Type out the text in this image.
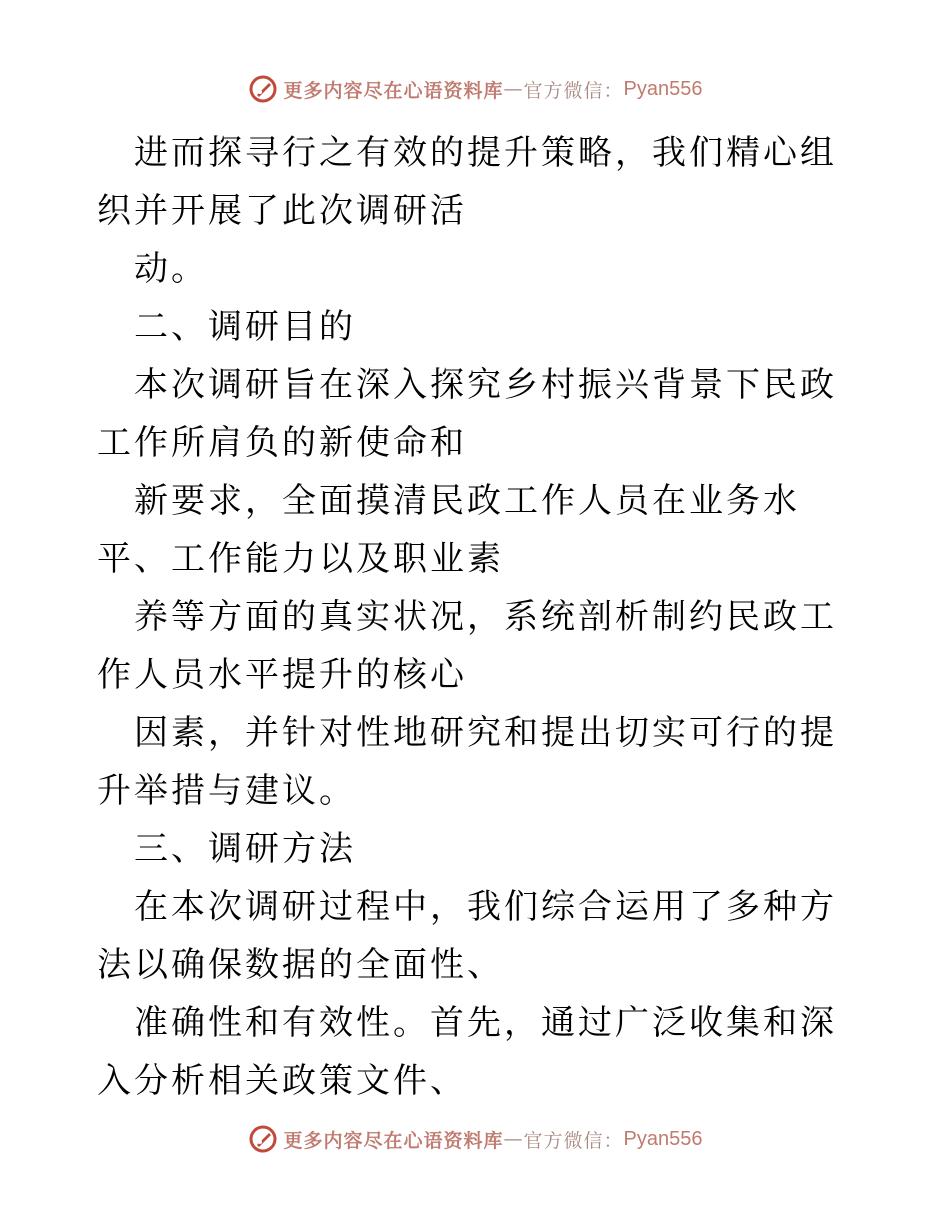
更多内容尽在心语资料库 — 官方微信： Pyan556

进而探寻行之有效的提升策略，我们精心组织并开展了此次调研活

动。

二、调研目的

本次调研旨在深入探究乡村振兴背景下民政工作所肩负的新使命和

新要求，全面摸清民政工作人员在业务水平、工作能力以及职业素

养等方面的真实状况，系统剖析制约民政工作人员水平提升的核心

因素，并针对性地研究和提出切实可行的提升举措与建议。

三、调研方法

在本次调研过程中，我们综合运用了多种方法以确保数据的全面性、

准确性和有效性。首先，通过广泛收集和深入分析相关政策文件、

更多内容尽在心语资料库 — 官方微信： Pyan556
